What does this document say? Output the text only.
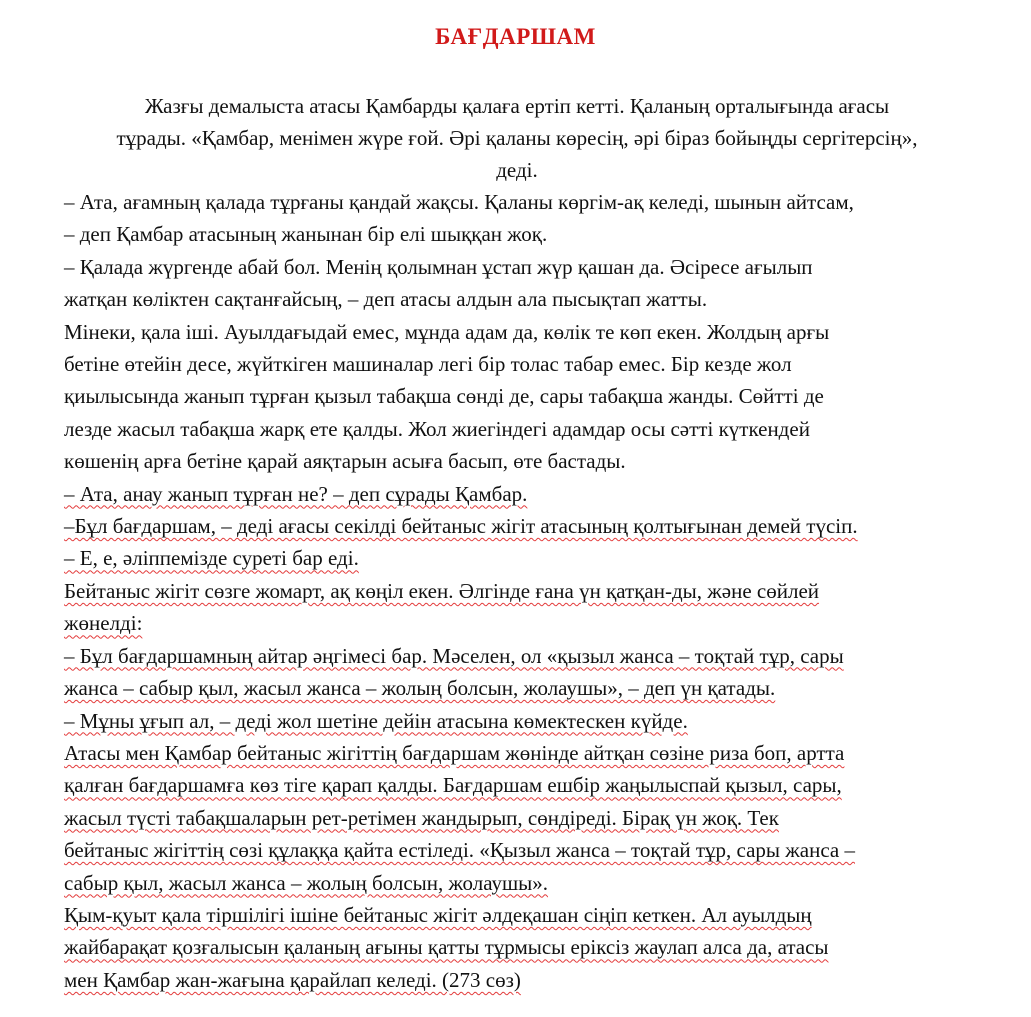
БАҒДАРШАМ
Жазғы демалыста атасы Қамбарды қалаға ертіп кетті. Қаланың орталығында ағасы
тұрады. «Қамбар, менімен жүре ғой. Әрі қаланы көресің, әрі біраз бойыңды сергітерсің»,
деді.
– Ата, ағамның қалада тұрғаны қандай жақсы. Қаланы көргім-ақ келеді, шынын айтсам,
– деп Қамбар атасының жанынан бір елі шыққан жоқ.
– Қалада жүргенде абай бол. Менің қолымнан ұстап жүр қашан да. Әсіресе ағылып
жатқан көліктен сақтанғайсың, – деп атасы алдын ала пысықтап жатты.
Мінеки, қала іші. Ауылдағыдай емес, мұнда адам да, көлік те көп екен. Жолдың арғы
бетіне өтейін десе, жүйткіген машиналар легі бір толас табар емес. Бір кезде жол
қиылысында жанып тұрған қызыл табақша сөнді де, сары табақша жанды. Сөйтті де
лезде жасыл табақша жарқ ете қалды. Жол жиегіндегі адамдар осы сәтті күткендей
көшенің арға бетіне қарай аяқтарын асыға басып, өте бастады.
– Ата, анау жанып тұрған не? – деп сұрады Қамбар.
–Бұл бағдаршам, – деді ағасы секілді бейтаныс жігіт атасының қолтығынан демей түсіп.
– Е, е, әліппемізде суреті бар еді.
Бейтаныс жігіт сөзге жомарт, ақ көңіл екен. Әлгінде ғана үн қатқан-ды, және сөйлей
жөнелді:
– Бұл бағдаршамның айтар әңгімесі бар. Мәселен, ол «қызыл жанса – тоқтай тұр, сары
жанса – сабыр қыл, жасыл жанса – жолың болсын, жолаушы», – деп үн қатады.
– Мұны ұғып ал, – деді жол шетіне дейін атасына көмектескен күйде.
Атасы мен Қамбар бейтаныс жігіттің бағдаршам жөнінде айтқан сөзіне риза боп, артта
қалған бағдаршамға көз тіге қарап қалды. Бағдаршам ешбір жаңылыспай қызыл, сары,
жасыл түсті табақшаларын рет-ретімен жандырып, сөндіреді. Бірақ үн жоқ. Тек
бейтаныс жігіттің сөзі құлаққа қайта естіледі. «Қызыл жанса – тоқтай тұр, сары жанса –
сабыр қыл, жасыл жанса – жолың болсын, жолаушы».
Қым-қуыт қала тіршілігі ішіне бейтаныс жігіт әлдеқашан сіңіп кеткен. Ал ауылдың
жайбарақат қозғалысын қаланың ағыны қатты тұрмысы еріксіз жаулап алса да, атасы
мен Қамбар жан-жағына қарайлап келеді. (273 сөз)
